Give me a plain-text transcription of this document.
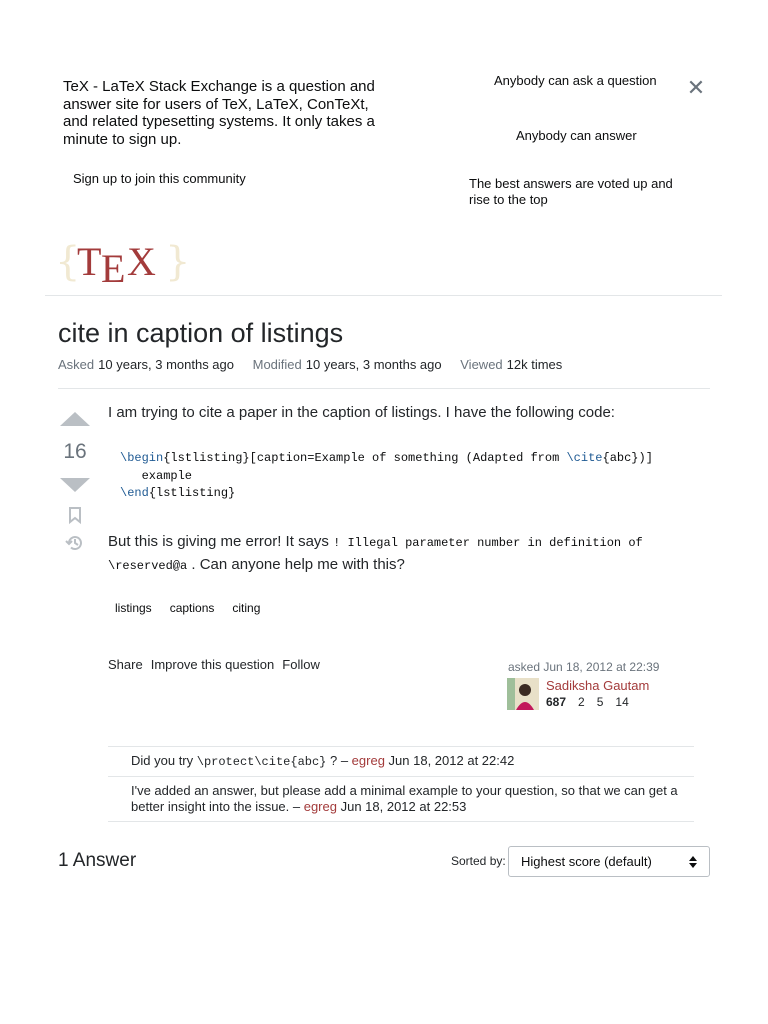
TeX - LaTeX Stack Exchange is a question and answer site for users of TeX, LaTeX, ConTeXt, and related typesetting systems. It only takes a minute to sign up.
Sign up to join this community
Anybody can ask a question
Anybody can answer
The best answers are voted up and rise to the top
✕
{ }
T E X
cite in caption of listings
Asked 10 years, 3 months ago Modified 10 years, 3 months ago Viewed 12k times
16

I am trying to cite a paper in the caption of listings. I have the following code:

\begin{lstlisting}[caption=Example of something (Adapted from \cite{abc})]
example
\end{lstlisting}

But this is giving me error! It says ! Illegal parameter number in definition of \reserved@a . Can anyone help me with this?

listings	captions	citing
Share Improve this question Follow	asked Jun 18, 2012 at 22:39
Sadiksha Gautam
687 2 5 14
Did you try \protect\cite{abc} ? – egreg Jun 18, 2012 at 22:42
I've added an answer, but please add a minimal example to your question, so that we can get a better insight into the issue. – egreg Jun 18, 2012 at 22:53
1 Answer	Sorted by:	Highest score (default)
